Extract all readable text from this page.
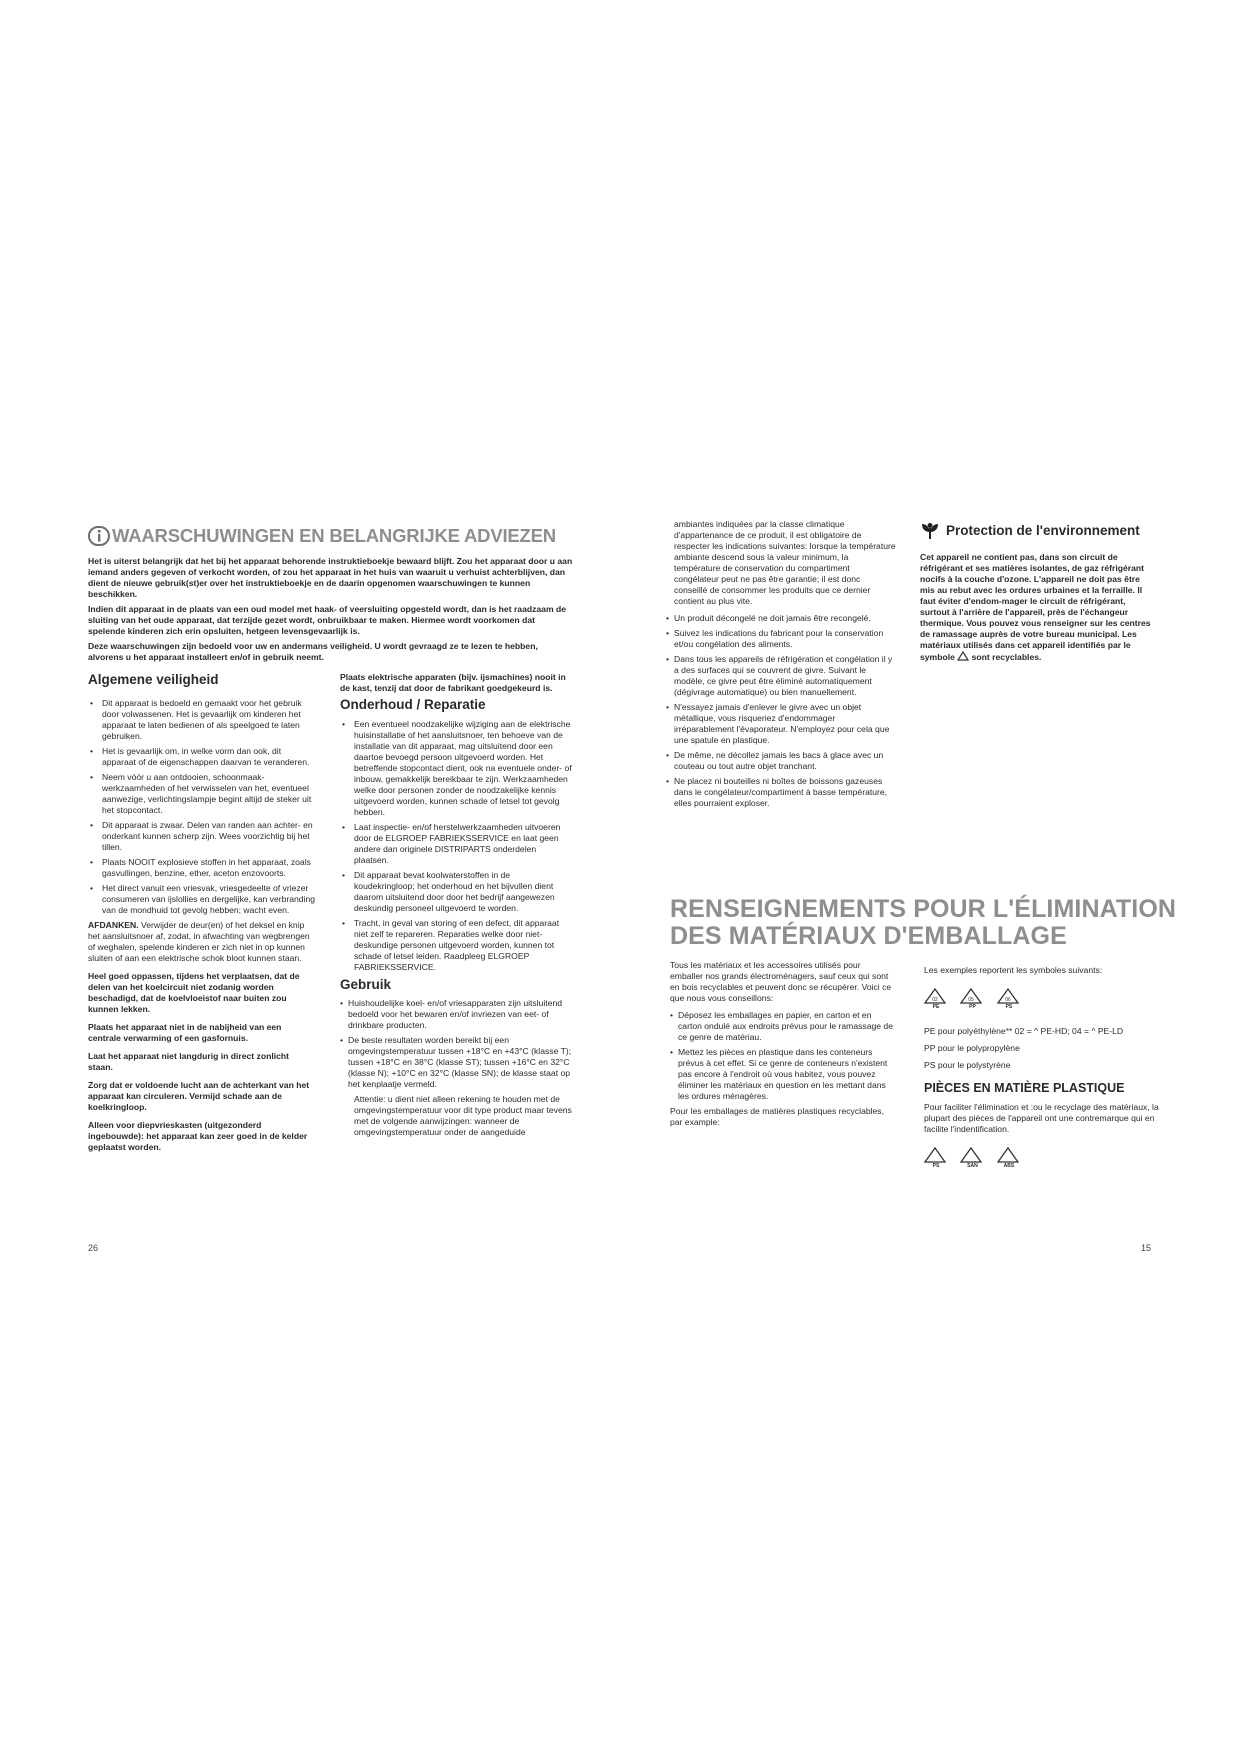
WAARSCHUWINGEN EN BELANGRIJKE ADVIEZEN

Het is uiterst belangrijk dat het bij het apparaat behorende instruktieboekje bewaard blijft. Zou het apparaat door u aan iemand anders gegeven of verkocht worden, of zou het apparaat in het huis van waaruit u verhuist achterblijven, dan dient de nieuwe gebruik(st)er over het instruktieboekje en de daarin opgenomen waarschuwingen te kunnen beschikken.

Indien dit apparaat in de plaats van een oud model met haak- of veersluiting opgesteld wordt, dan is het raadzaam de sluiting van het oude apparaat, dat terzijde gezet wordt, onbruikbaar te maken. Hiermee wordt voorkomen dat spelende kinderen zich erin opsluiten, hetgeen levensgevaarlijk is.

Deze waarschuwingen zijn bedoeld voor uw en andermans veiligheid. U wordt gevraagd ze te lezen te hebben, alvorens u het apparaat installeert en/of in gebruik neemt.

Algemene veiligheid
• Dit apparaat is bedoeld en gemaakt voor het gebruik door volwassenen. Het is gevaarlijk om kinderen het apparaat te laten bedienen of als speelgoed te laten gebruiken.
• Het is gevaarlijk om, in welke vorm dan ook, dit apparaat of de eigenschappen daarvan te veranderen.
• Neem vóór u aan ontdooien, schoonmaak-werkzaamheden of het verwisselen van het, eventueel aanwezige, verlichtingslampje begint altijd de steker uit het stopcontact.
• Dit apparaat is zwaar. Delen van randen aan achter- en onderkant kunnen scherp zijn. Wees voorzichtig bij het tillen.
• Plaats NOOIT explosieve stoffen in het apparaat, zoals gasvullingen, benzine, ether, aceton enzovoorts.
• Het direct vanuit een vriesvak, vriesgedeelte of vriezer consumeren van ijslollies en dergelijke, kan verbranding van de mondhuid tot gevolg hebben; wacht even.

AFDANKEN. Verwijder de deur(en) of het deksel en knip het aansluitsnoer af, zodat, in afwachting van wegbrengen of weghalen, spelende kinderen er zich niet in op kunnen sluiten of aan een elektrische schok bloot kunnen staan.

Heel goed oppassen, tijdens het verplaatsen, dat de delen van het koelcircuit niet zodanig worden beschadigd, dat de koelvloeistof naar buiten zou kunnen lekken.

Plaats het apparaat niet in de nabijheid van een centrale verwarming of een gasfornuis.

Laat het apparaat niet langdurig in direct zonlicht staan.

Zorg dat er voldoende lucht aan de achterkant van het apparaat kan circuleren. Vermijd schade aan de koelkringloop.

Alleen voor diepvrieskasten (uitgezonderd ingebouwde): het apparaat kan zeer goed in de kelder geplaatst worden.

Plaats elektrische apparaten (bijv. ijsmachines) nooit in de kast, tenzij dat door de fabrikant goedgekeurd is.

Onderhoud / Reparatie
• Een eventueel noodzakelijke wijziging aan de elektrische huisinstallatie of het aansluitsnoer, ten behoeve van de installatie van dit apparaat, mag uitsluitend door een daartoe bevoegd persoon uitgevoerd worden. Het betreffende stopcontact dient, ook na eventuele onder- of inbouw, gemakkelijk bereikbaar te zijn. Werkzaamheden welke door personen zonder de noodzakelijke kennis uitgevoerd worden, kunnen schade of letsel tot gevolg hebben.
• Laat inspectie- en/of herstelwerkzaamheden uitvoeren door de ELGROEP FABRIEKSSERVICE en laat geen andere dan originele DISTRIPARTS onderdelen plaatsen.
• Dit apparaat bevat koolwaterstoffen in de koudekringloop; het onderhoud en het bijvullen dient daarom uitsluitend door door het bedrijf aangewezen deskundig personeel uitgevoerd te worden.
• Tracht, in geval van storing of een defect, dit apparaat niet zelf te repareren. Reparaties welke door niet-deskundige personen uitgevoerd worden, kunnen tot schade of letsel leiden. Raadpleeg ELGROEP FABRIEKSSERVICE.
Gebruik
• Huishoudelijke koel- en/of vriesapparaten zijn uitsluitend bedoeld voor het bewaren en/of invriezen van eet- of drinkbare producten.
• De beste resultaten worden bereikt bij een omgevingstemperatuur tussen +18°C en +43°C (klasse T); tussen +18°C en 38°C (klasse ST); tussen +16°C en 32°C (klasse N); +10°C en 32°C (klasse SN); de klasse staat op het kenplaatje vermeld.

Attentie: u dient niet alleen rekening te houden met de omgevingstemperatuur voor dit type product maar tevens met de volgende aanwijzingen: wanneer de omgevingstemperatuur onder de aangeduide

26

ambiantes indiquées par la classe climatique d'appartenance de ce produit, il est obligatoire de respecter les indications suivantes: lorsque la température ambiante descend sous la valeur minimum, la température de conservation du compartiment congélateur peut ne pas être garantie; il est donc conseillé de consommer les produits que ce dernier contient au plus vite.

• Un produit décongelé ne doit jamais être recongelé.
• Suivez les indications du fabricant pour la conservation et/ou congélation des aliments.
• Dans tous les appareils de réfrigération et congélation il y a des surfaces qui se couvrent de givre. Suivant le modèle, ce givre peut être éliminé automatiquement (dégivrage automatique) ou bien manuellement.
• N'essayez jamais d'enlever le givre avec un objet métallique, vous risqueriez d'endommager irréparablement l'évaporateur. N'employez pour cela que une spatule en plastique.
• De même, ne décollez jamais les bacs à glace avec un couteau ou tout autre objet tranchant.
• Ne placez ni bouteilles ni boîtes de boissons gazeuses dans le congélateur/compartiment à basse température, elles pourraient exploser.
Protection de l'environnement

Cet appareil ne contient pas, dans son circuit de réfrigérant et ses matières isolantes, de gaz réfrigérant nocifs à la couche d'ozone. L'appareil ne doit pas être mis au rebut avec les ordures urbaines et la ferraille. Il faut éviter d'endom-mager le circuit de réfrigérant, surtout à l'arrière de l'appareil, près de l'échangeur thermique. Vous pouvez vous renseigner sur les centres de ramassage auprès de votre bureau municipal. Les matériaux utilisés dans cet appareil identifiés par le symbole sont recyclables.

RENSEIGNEMENTS POUR L'ÉLIMINATION
DES MATÉRIAUX D'EMBALLAGE

Tous les matériaux et les accessoires utilisés pour emballer nos grands électroménagers, sauf ceux qui sont en bois recyclables et peuvent donc se récupérer. Voici ce que nous vous conseillons:

• Déposez les emballages en papier, en carton et en carton ondulé aux endroits prévus pour le ramassage de ce genre de matériau.
• Mettez les pièces en plastique dans les conteneurs prévus à cet effet. Si ce genre de conteneurs n'existent pas encore à l'endroit où vous habitez, vous pouvez éliminer les matériaux en question en les mettant dans les ordures ménagères.

Pour les emballages de matières plastiques recyclables, par example:

Les exemples reportent les symboles suivants:

02
PE

05
PP

06
PS

PE pour polyéthylène** 02 = ^ PE-HD; 04 = ^ PE-LD

PP pour le polypropylène

PS pour le polystyrène

PIÈCES EN MATIÈRE PLASTIQUE

Pour faciliter l'élimination et :ou le recyclage des matériaux, la plupart des pièces de l'appareil ont une contremarque qui en facilite l'indentification.

PS
	SAN
	ABS
15
